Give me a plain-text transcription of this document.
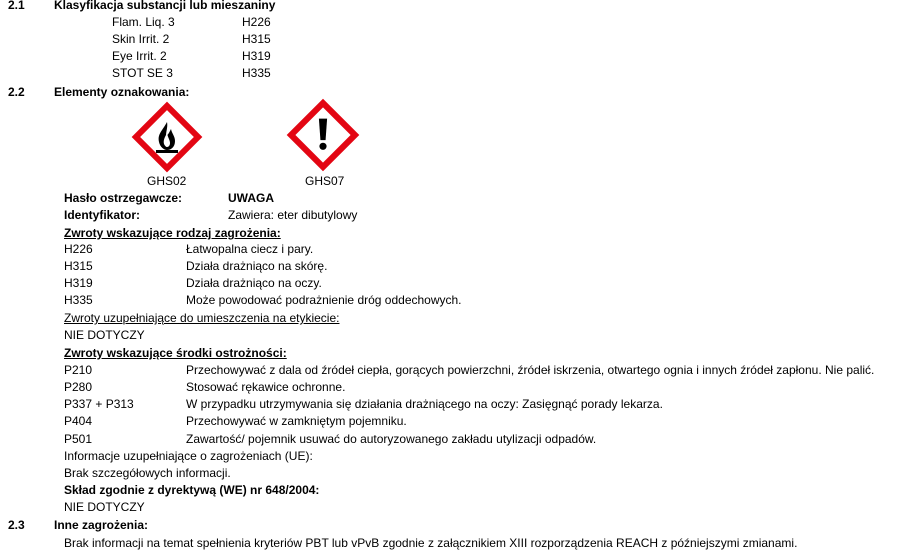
2.1 Klasyfikacja substancji lub mieszaniny
Flam. Liq. 3	H226
Skin Irrit. 2	H315
Eye Irrit. 2	H319
STOT SE 3	H335
2.2 Elementy oznakowania:
GHS02	GHS07
Hasło ostrzegawcze:	UWAGA
Identyfikator:	Zawiera: eter dibutylowy
Zwroty wskazujące rodzaj zagrożenia:
H226	Łatwopalna ciecz i pary.
H315	Działa drażniąco na skórę.
H319	Działa drażniąco na oczy.
H335	Może powodować podrażnienie dróg oddechowych.
Zwroty uzupełniające do umieszczenia na etykiecie:
NIE DOTYCZY
Zwroty wskazujące środki ostrożności:
P210	Przechowywać z dala od źródeł ciepła, gorących powierzchni, źródeł iskrzenia, otwartego ognia i innych źródeł zapłonu. Nie palić.
P280	Stosować rękawice ochronne.
P337 + P313	W przypadku utrzymywania się działania drażniącego na oczy: Zasięgnąć porady lekarza.
P404	Przechowywać w zamkniętym pojemniku.
P501	Zawartość/ pojemnik usuwać do autoryzowanego zakładu utylizacji odpadów.
Informacje uzupełniające o zagrożeniach (UE):
Brak szczegółowych informacji.
Skład zgodnie z dyrektywą (WE) nr 648/2004:
NIE DOTYCZY
2.3 Inne zagrożenia:
Brak informacji na temat spełnienia kryteriów PBT lub vPvB zgodnie z załącznikiem XIII rozporządzenia REACH z późniejszymi zmianami.
